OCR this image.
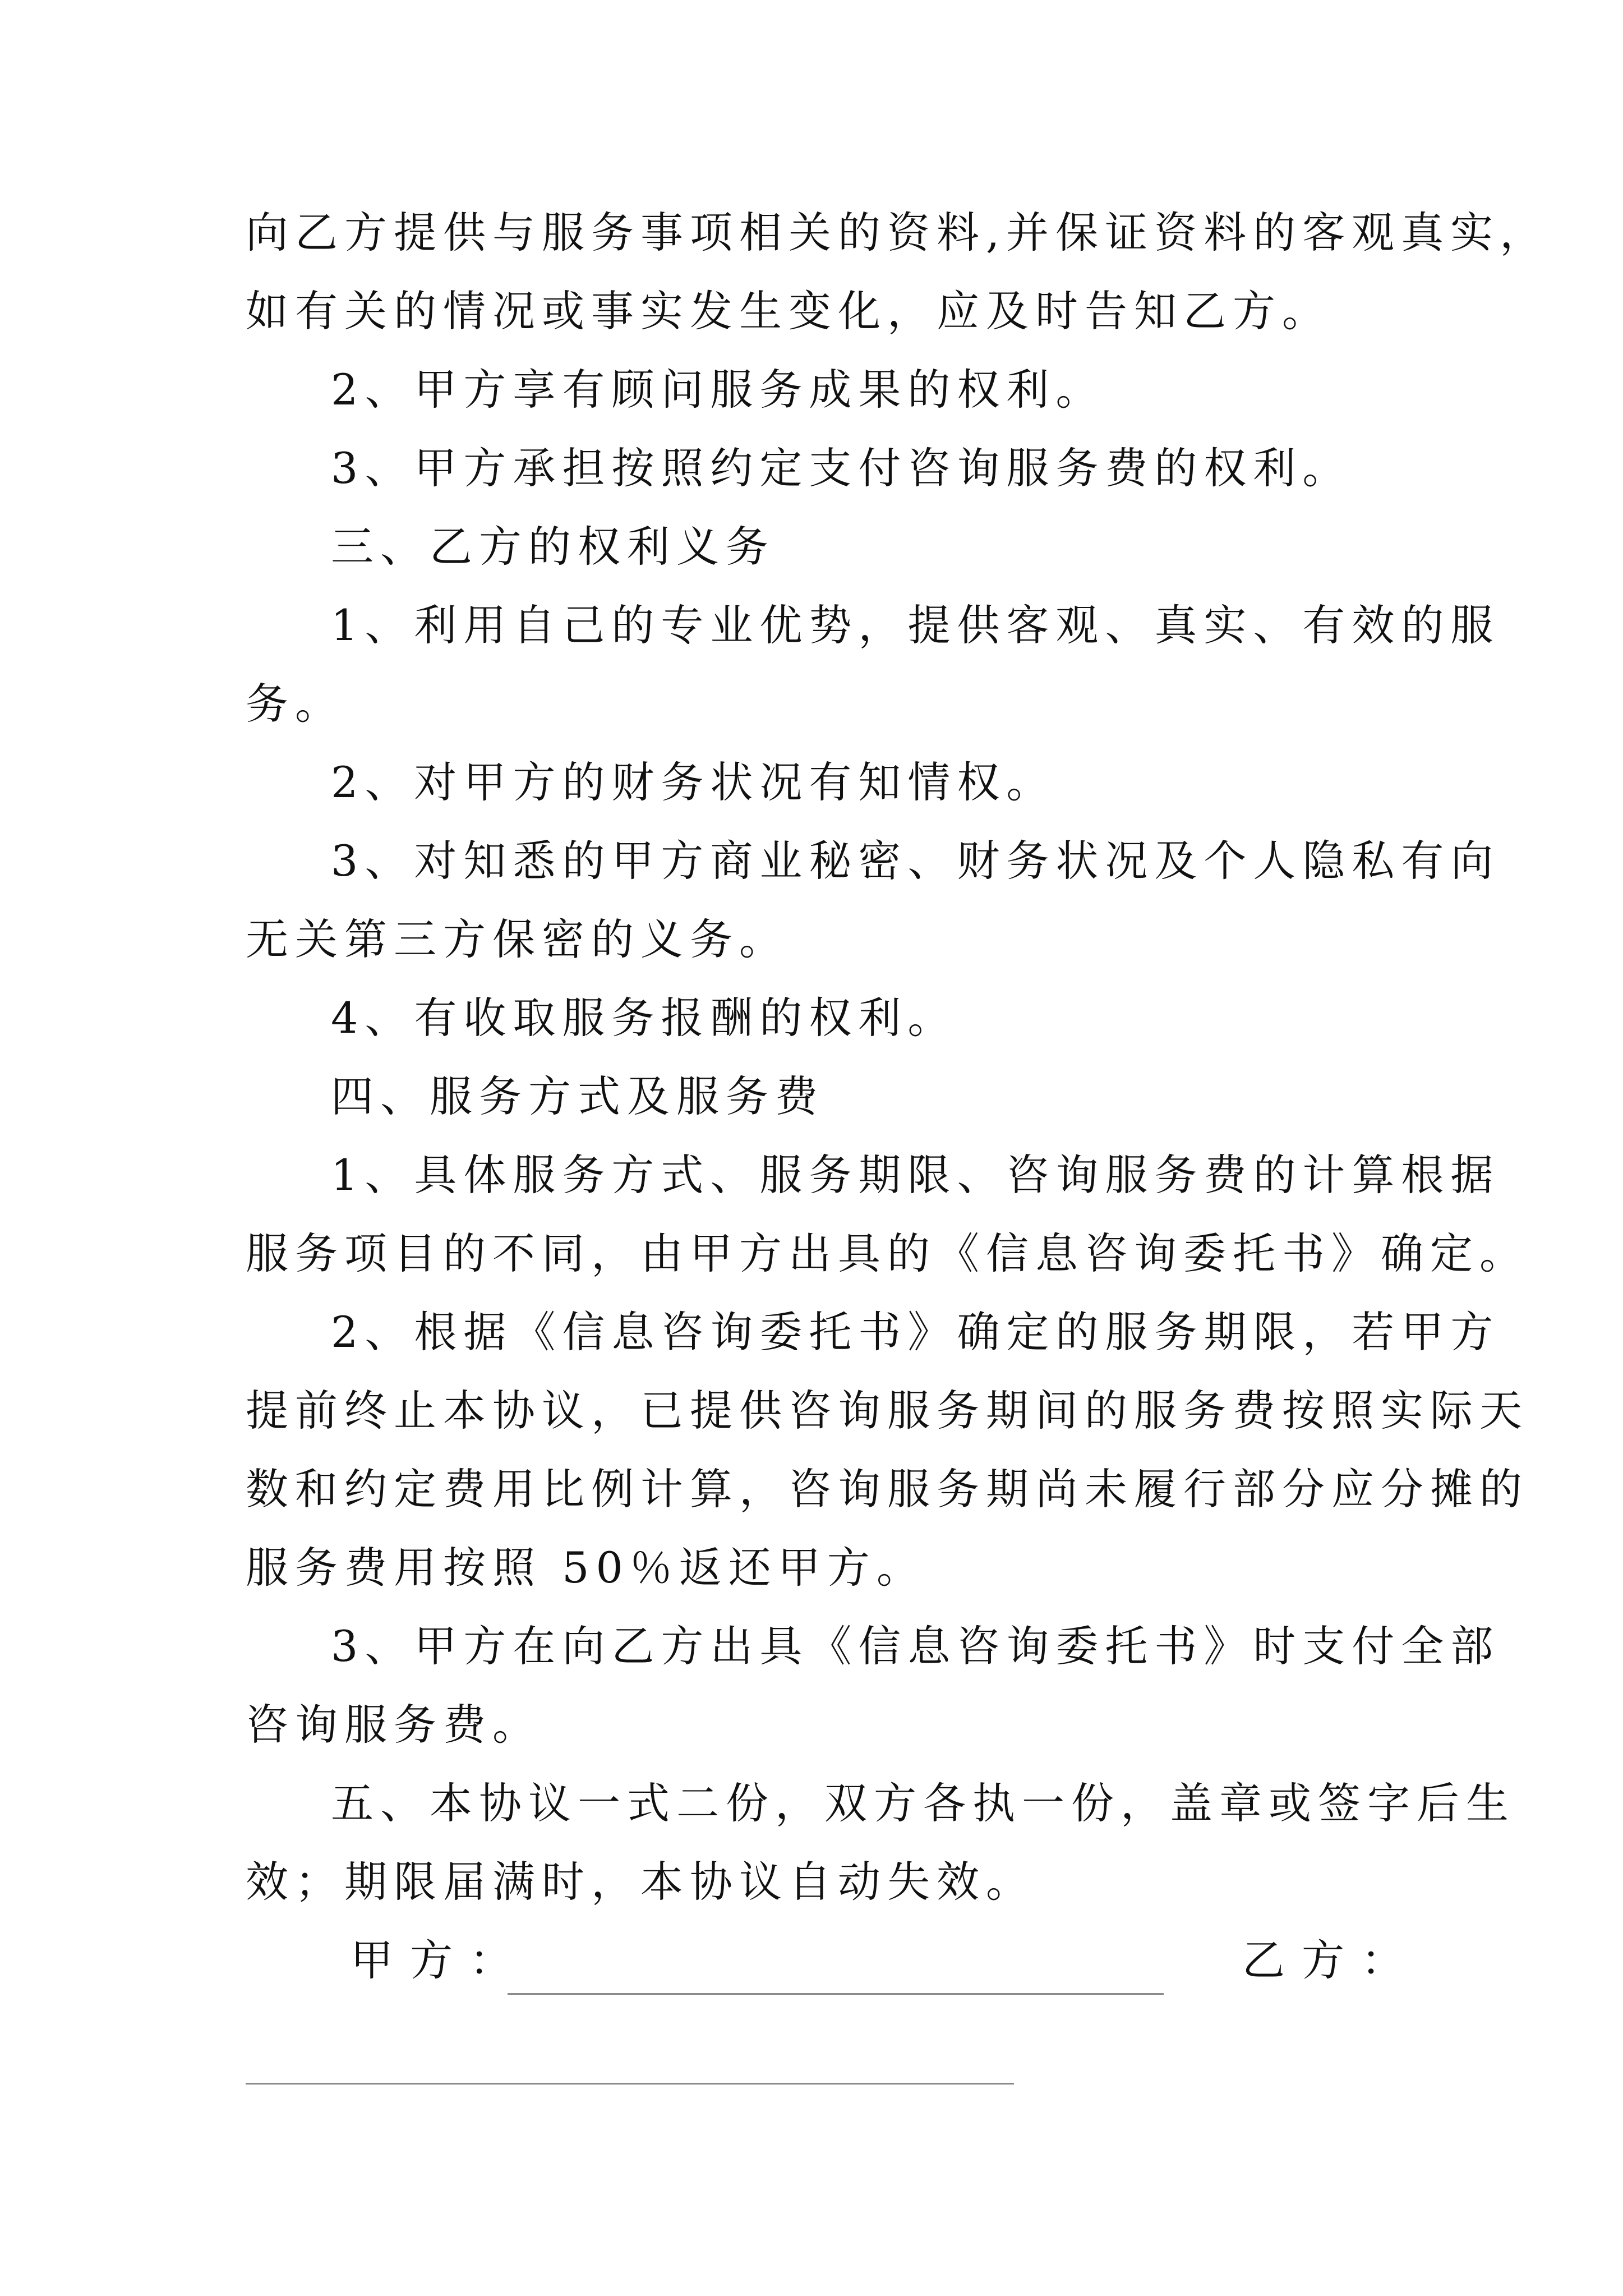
向乙方提供与服务事项相关的资料,并保证资料的客观真实，
如有关的情况或事实发生变化，应及时告知乙方。
2、甲方享有顾问服务成果的权利。
3、甲方承担按照约定支付咨询服务费的权利。
三、乙方的权利义务
1、利用自己的专业优势，提供客观、真实、有效的服
务。
2、对甲方的财务状况有知情权。
3、对知悉的甲方商业秘密、财务状况及个人隐私有向
无关第三方保密的义务。
4、有收取服务报酬的权利。
四、服务方式及服务费
1、具体服务方式、服务期限、咨询服务费的计算根据
服务项目的不同，由甲方出具的《信息咨询委托书》确定。
2、根据《信息咨询委托书》确定的服务期限，若甲方
提前终止本协议，已提供咨询服务期间的服务费按照实际天
数和约定费用比例计算，咨询服务期尚未履行部分应分摊的
服务费用按照 50％返还甲方。
3、甲方在向乙方出具《信息咨询委托书》时支付全部
咨询服务费。
五、本协议一式二份，双方各执一份，盖章或签字后生
效；期限届满时，本协议自动失效。
甲方：	乙方：
